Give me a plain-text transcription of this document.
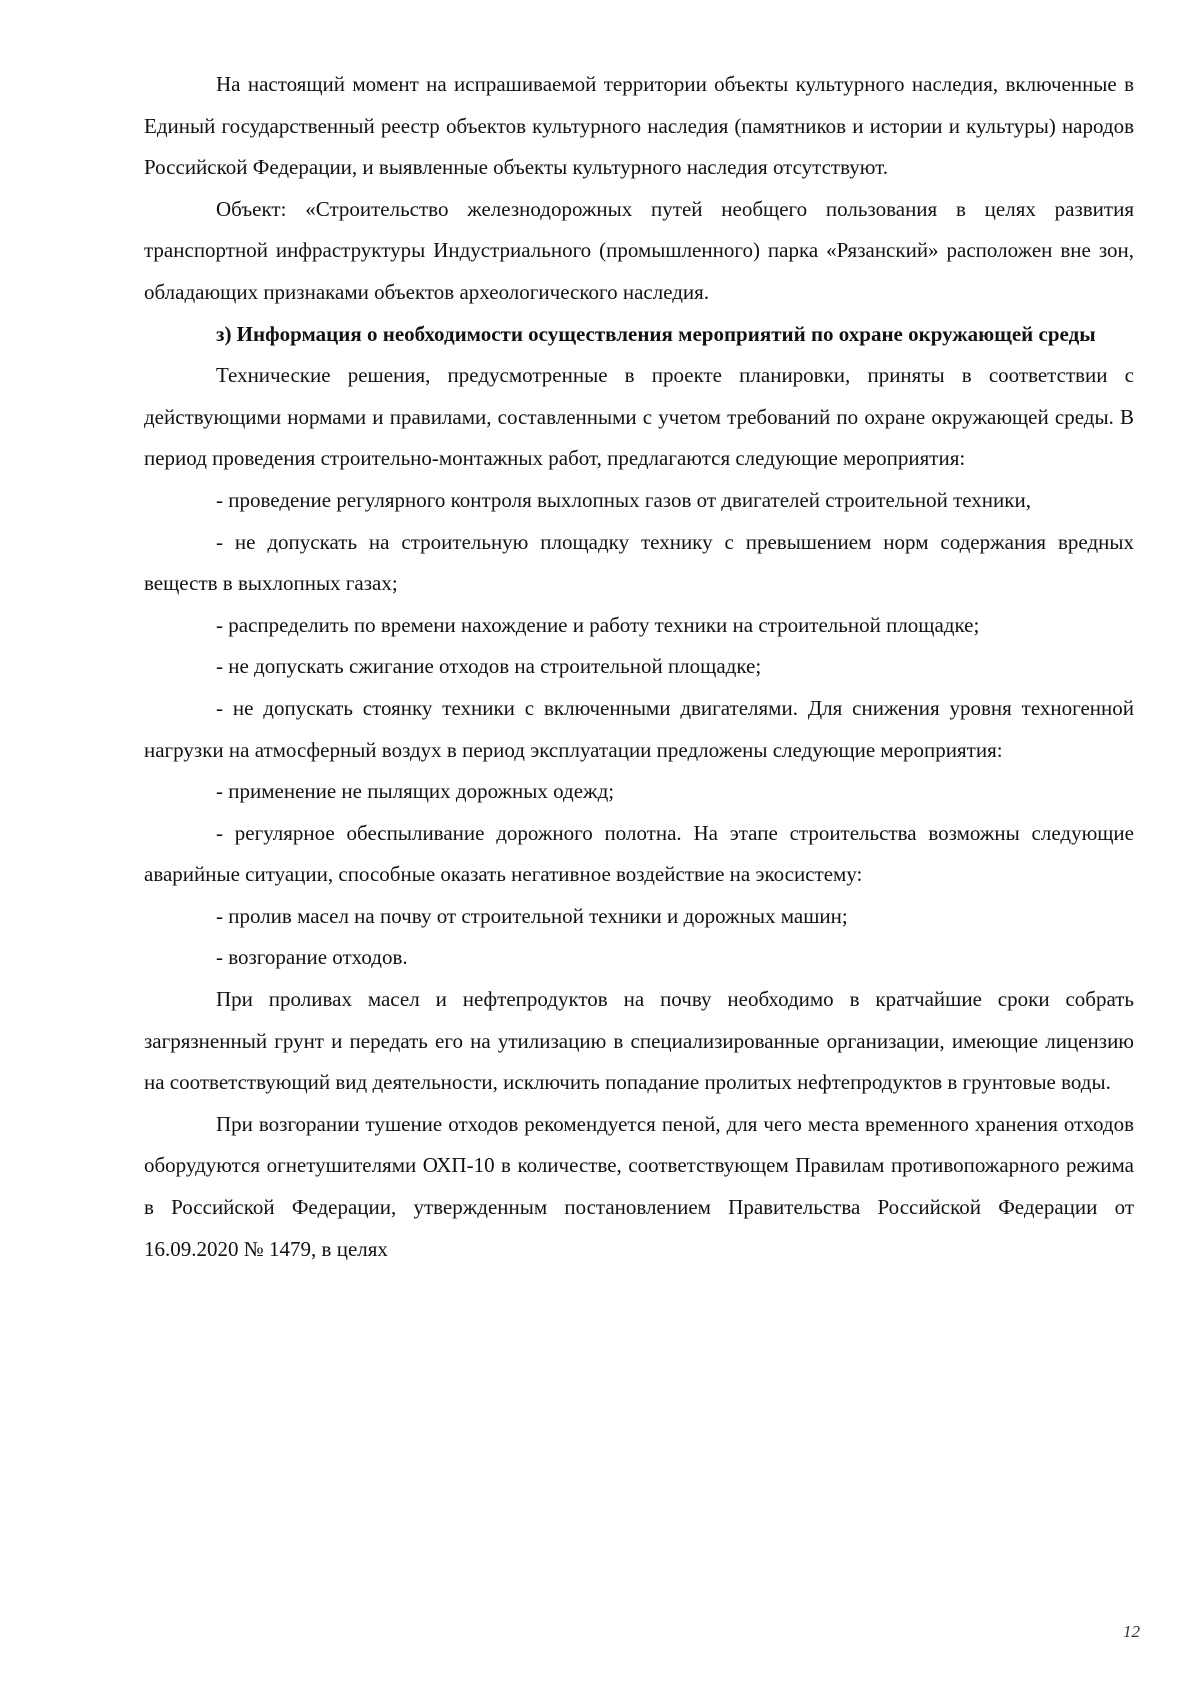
На настоящий момент на испрашиваемой территории объекты культурного наследия, включенные в Единый государственный реестр объектов культурного наследия (памятников и истории и культуры) народов Российской Федерации, и выявленные объекты культурного наследия отсутствуют.

Объект: «Строительство железнодорожных путей необщего пользования в целях развития транспортной инфраструктуры Индустриального (промышленного) парка «Рязанский» расположен вне зон, обладающих признаками объектов археологического наследия.

з) Информация о необходимости осуществления мероприятий по охране окружающей среды

Технические решения, предусмотренные в проекте планировки, приняты в соответствии с действующими нормами и правилами, составленными с учетом требований по охране окружающей среды. В период проведения строительно-монтажных работ, предлагаются следующие мероприятия:

- проведение регулярного контроля выхлопных газов от двигателей строительной техники,

- не допускать на строительную площадку технику с превышением норм содержания вредных веществ в выхлопных газах;

- распределить по времени нахождение и работу техники на строительной площадке;

- не допускать сжигание отходов на строительной площадке;

- не допускать стоянку техники с включенными двигателями. Для снижения уровня техногенной нагрузки на атмосферный воздух в период эксплуатации предложены следующие мероприятия:

- применение не пылящих дорожных одежд;

- регулярное обеспыливание дорожного полотна. На этапе строительства возможны следующие аварийные ситуации, способные оказать негативное воздействие на экосистему:

- пролив масел на почву от строительной техники и дорожных машин;

- возгорание отходов.

При проливах масел и нефтепродуктов на почву необходимо в кратчайшие сроки собрать загрязненный грунт и передать его на утилизацию в специализированные организации, имеющие лицензию на соответствующий вид деятельности, исключить попадание пролитых нефтепродуктов в грунтовые воды.

При возгорании тушение отходов рекомендуется пеной, для чего места временного хранения отходов оборудуются огнетушителями ОХП-10 в количестве, соответствующем Правилам противопожарного режима в Российской Федерации, утвержденным постановлением Правительства Российской Федерации от 16.09.2020 № 1479, в целях

12
